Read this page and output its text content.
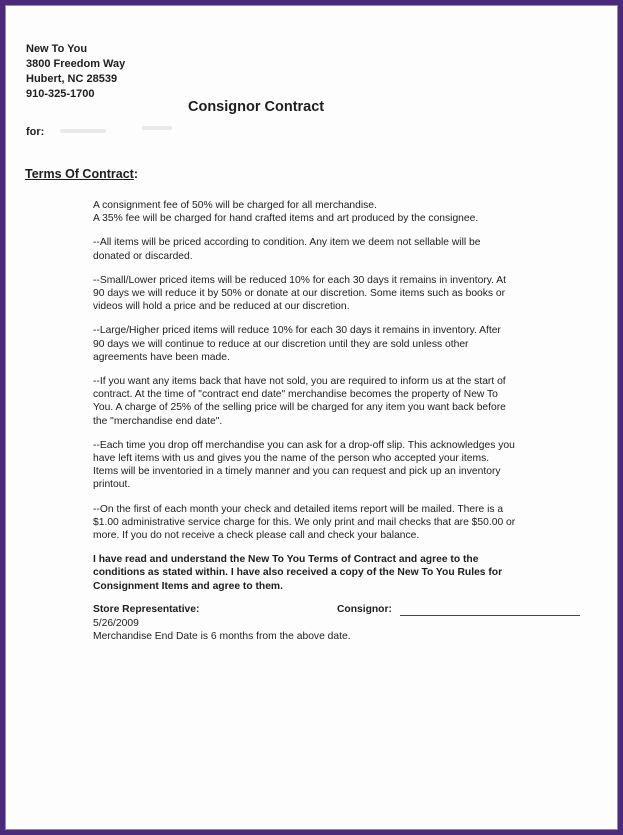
New To You
3800 Freedom Way
Hubert, NC 28539
910-325-1700
Consignor Contract
for:
Terms Of Contract:
A consignment fee of 50% will be charged for all merchandise.
A 35% fee will be charged for hand crafted items and art produced by the consignee.
--All items will be priced according to condition. Any item we deem not sellable will be
donated or discarded.
--Small/Lower priced items will be reduced 10% for each 30 days it remains in inventory. At
90 days we will reduce it by 50% or donate at our discretion. Some items such as books or
videos will hold a price and be reduced at our discretion.
--Large/Higher priced items will reduce 10% for each 30 days it remains in inventory. After
90 days we will continue to reduce at our discretion until they are sold unless other
agreements have been made.
--If you want any items back that have not sold, you are required to inform us at the start of
contract. At the time of "contract end date" merchandise becomes the property of New To
You. A charge of 25% of the selling price will be charged for any item you want back before
the "merchandise end date".
--Each time you drop off merchandise you can ask for a drop-off slip. This acknowledges you
have left items with us and gives you the name of the person who accepted your items.
Items will be inventoried in a timely manner and you can request and pick up an inventory
printout.
--On the first of each month your check and detailed items report will be mailed. There is a
$1.00 administrative service charge for this. We only print and mail checks that are $50.00 or
more. If you do not receive a check please call and check your balance.
I have read and understand the New To You Terms of Contract and agree to the
conditions as stated within. I have also received a copy of the New To You Rules for
Consignment Items and agree to them.
Store Representative:	Consignor:
5/26/2009
Merchandise End Date is 6 months from the above date.
